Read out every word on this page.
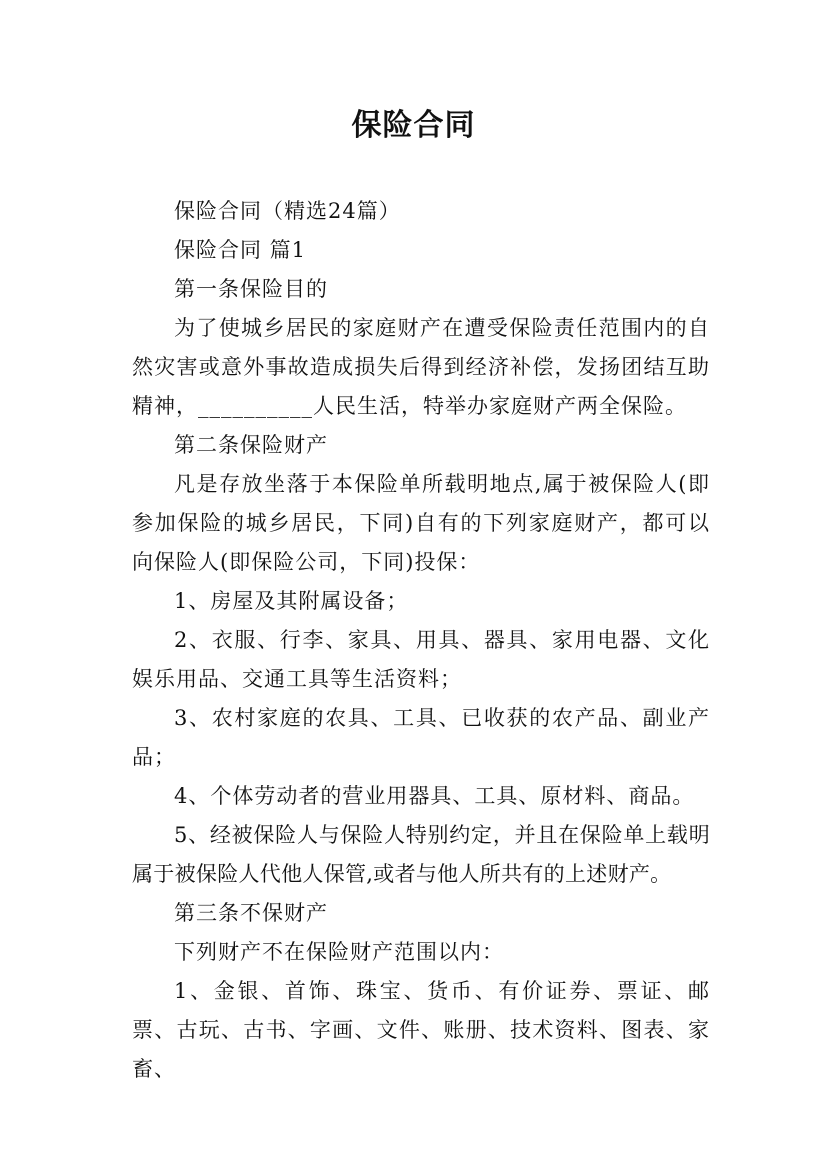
保险合同

保险合同（精选24篇）

保险合同 篇1

第一条保险目的

为了使城乡居民的家庭财产在遭受保险责任范围内的自然灾害或意外事故造成损失后得到经济补偿，发扬团结互助精神，__________人民生活，特举办家庭财产两全保险。

第二条保险财产

凡是存放坐落于本保险单所载明地点,属于被保险人(即参加保险的城乡居民，下同)自有的下列家庭财产，都可以向保险人(即保险公司，下同)投保：

1、房屋及其附属设备；

2、衣服、行李、家具、用具、器具、家用电器、文化娱乐用品、交通工具等生活资料；

3、农村家庭的农具、工具、已收获的农产品、副业产品；

4、个体劳动者的营业用器具、工具、原材料、商品。

5、经被保险人与保险人特别约定，并且在保险单上载明属于被保险人代他人保管,或者与他人所共有的上述财产。

第三条不保财产

下列财产不在保险财产范围以内：

1、金银、首饰、珠宝、货币、有价证券、票证、邮票、古玩、古书、字画、文件、账册、技术资料、图表、家畜、
